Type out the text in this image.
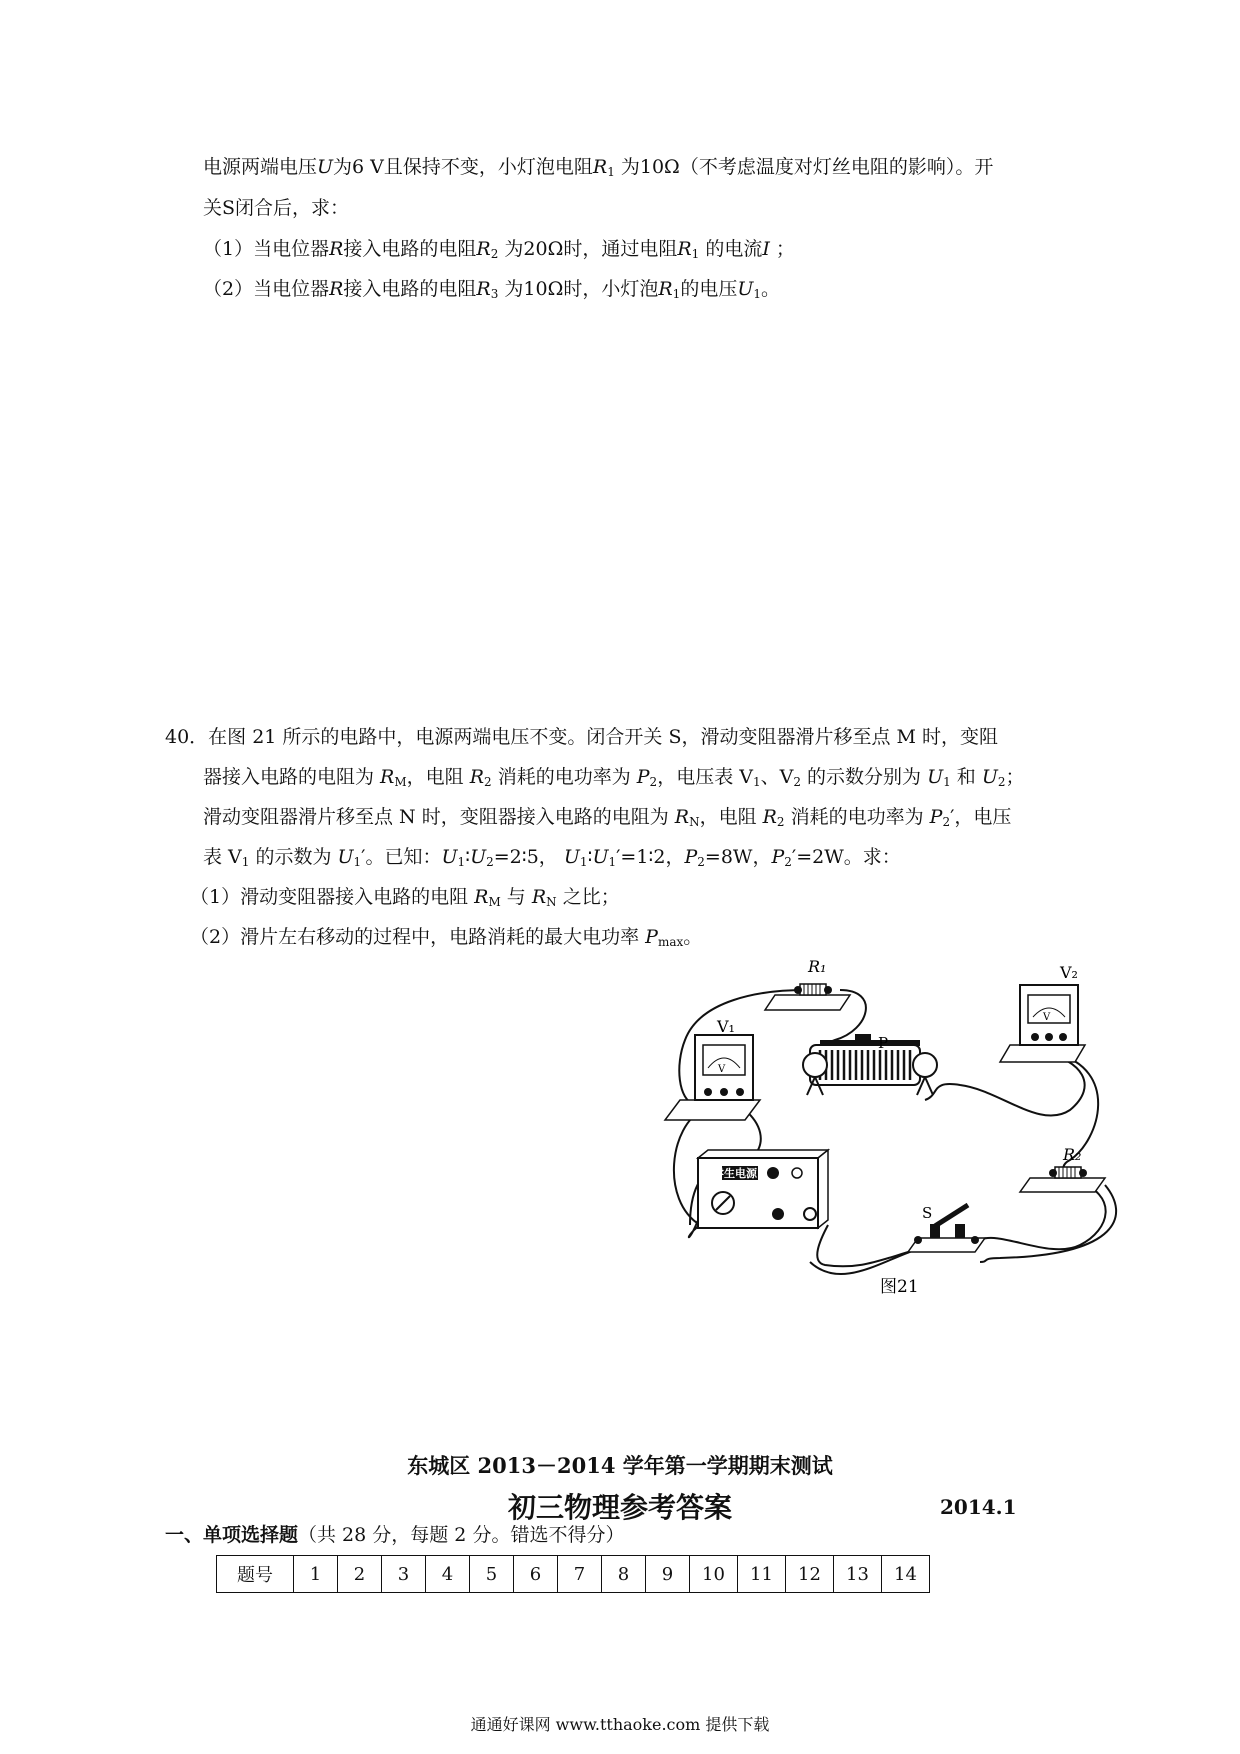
电源两端电压U为6 V且保持不变，小灯泡电阻$R_1$ 为10Ω（不考虑温度对灯丝电阻的影响）。开
关S闭合后，求：
（1）当电位器R接入电路的电阻$R_2$ 为20Ω时，通过电阻$R_1$ 的电流I ；
（2）当电位器R接入电路的电阻$R_3$ 为10Ω时，小灯泡$R_1$的电压$U_1$。
40．在图 21 所示的电路中，电源两端电压不变。闭合开关 S，滑动变阻器滑片移至点 M 时，变阻
器接入电路的电阻为 $R_M$，电阻 $R_2$ 消耗的电功率为 $P_2$，电压表 $V_1$、$V_2$ 的示数分别为 $U_1$ 和 $U_2$；
滑动变阻器滑片移至点 N 时，变阻器接入电路的电阻为 $R_N$，电阻 $R_2$ 消耗的电功率为 $P_2'$，电压
表 $V_1$ 的示数为 $U_1'$。已知：$U_1∶U_2=2∶5$， $U_1∶U_1'=1∶2$，$P_2=8W$，$P_2'=2W$。求：
（1）滑动变阻器接入电路的电阻 $R_M$ 与 $R_N$ 之比；
（2）滑片左右移动的过程中，电路消耗的最大电功率 $P_{max}$。
R₁
V
V₁
P
V
V₂
R₂
学生电源
S
图21
东城区 2013－2014 学年第一学期期末测试
初三物理参考答案	2014.1
一、单项选择题（共 28 分，每题 2 分。错选不得分）
题号	1	2	3	4	5	6	7	8	9	10	11	12	13	14
通通好课网 www.tthaoke.com 提供下载
